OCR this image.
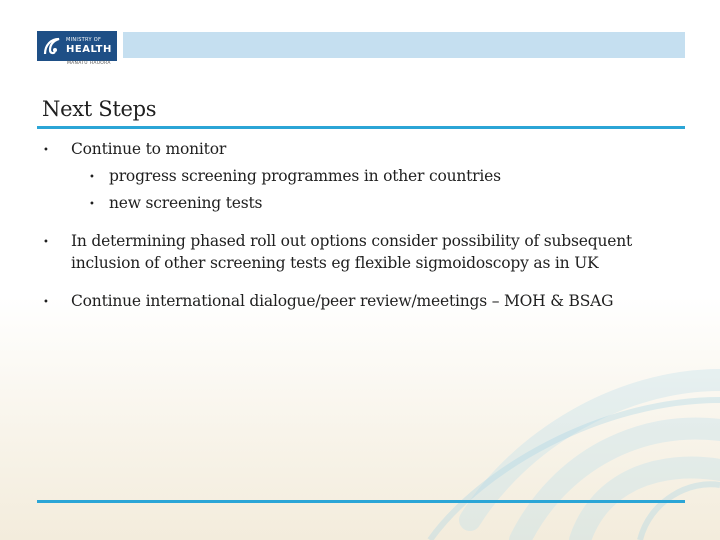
MINISTRY OF
HEALTH
MANATŪ HAUORA
Next Steps
• Continue to monitor
• progress screening programmes in other countries
• new screening tests
• In determining phased roll out options consider possibility of subsequent inclusion of other screening tests eg flexible sigmoidoscopy as in UK
• Continue international dialogue/peer review/meetings – MOH & BSAG
